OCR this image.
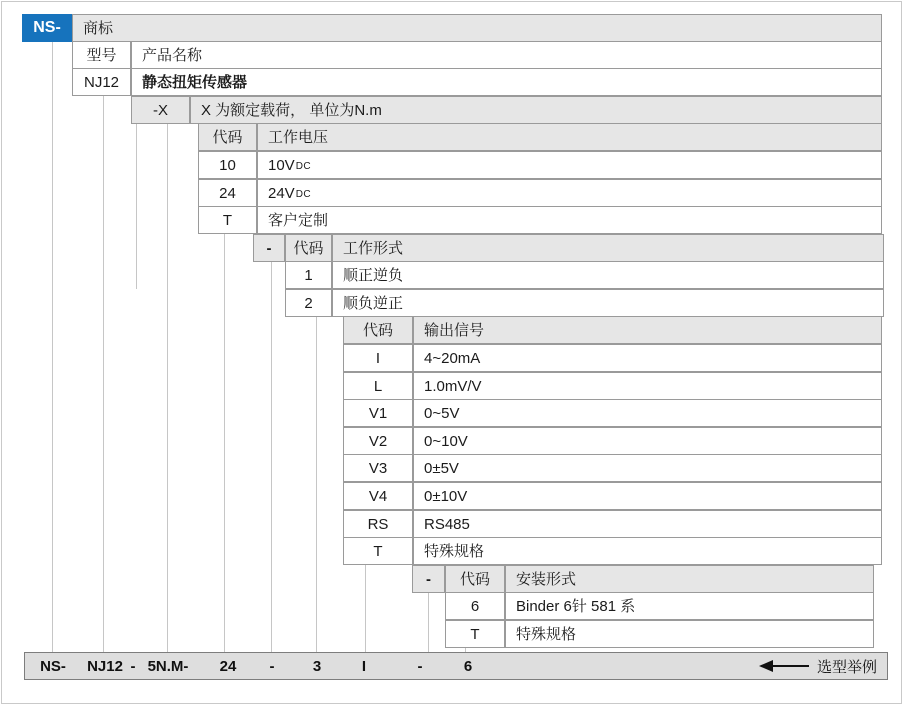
NS-	商标
型号	产品名称
NJ12	静态扭矩传感器
-X	X 为额定载荷， 单位为N.m
代码	工作电压
10	10V DC
24	24V DC
T	客户定制
-	代码	工作形式
1	顺正逆负
2	顺负逆正
代码	输出信号
I	4~20mA
L	1.0mV/V
V1	0~5V
V2	0~10V
V3	0±5V
V4	0±10V
RS	RS485
T	特殊规格
-	代码	安装形式
6	Binder 6针 581 系
T	特殊规格
NS- NJ12 - 5N.M- 24 -	3	I	-	6	选型举例
